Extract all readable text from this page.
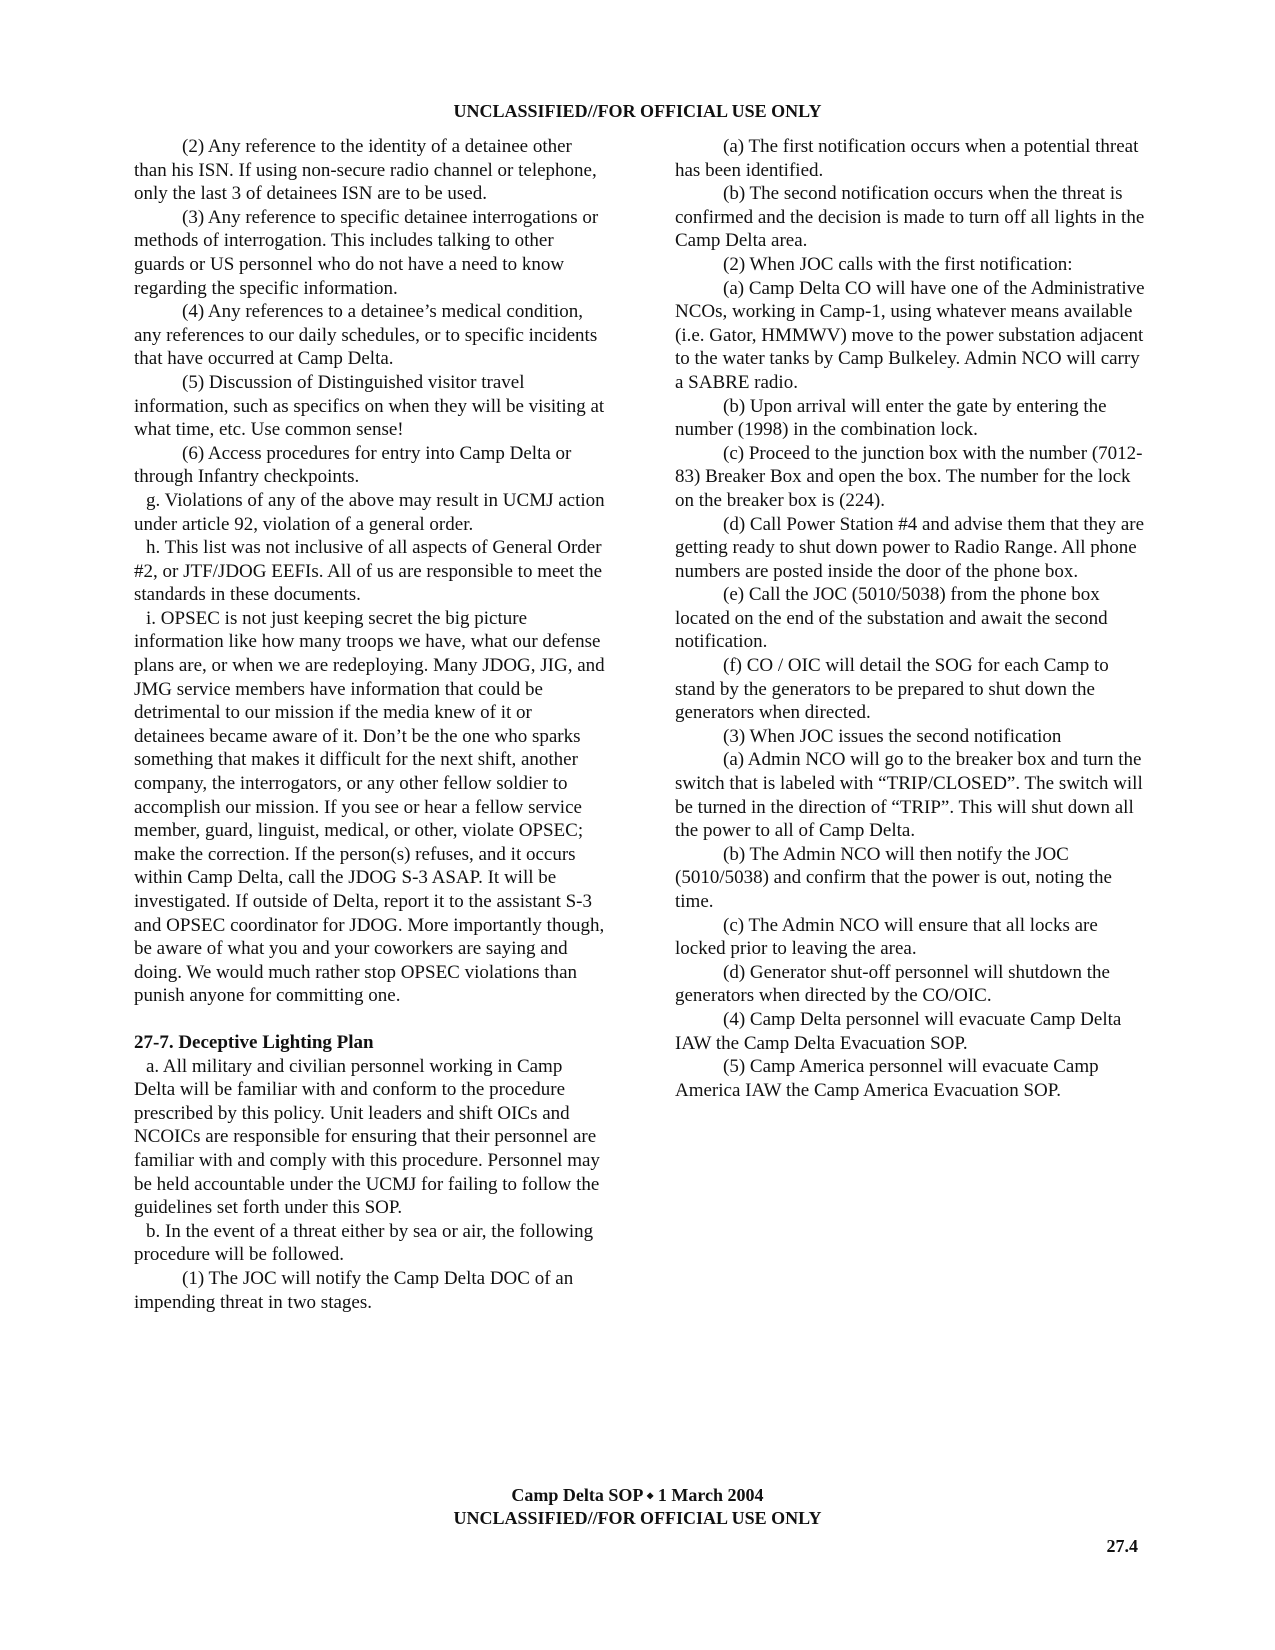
UNCLASSIFIED//FOR OFFICIAL USE ONLY

(2) Any reference to the identity of a detainee other than his ISN. If using non-secure radio channel or telephone, only the last 3 of detainees ISN are to be used.

(3) Any reference to specific detainee interrogations or methods of interrogation. This includes talking to other guards or US personnel who do not have a need to know regarding the specific information.

(4) Any references to a detainee’s medical condition, any references to our daily schedules, or to specific incidents that have occurred at Camp Delta.

(5) Discussion of Distinguished visitor travel information, such as specifics on when they will be visiting at what time, etc. Use common sense!

(6) Access procedures for entry into Camp Delta or through Infantry checkpoints.

g. Violations of any of the above may result in UCMJ action under article 92, violation of a general order.

h. This list was not inclusive of all aspects of General Order #2, or JTF/JDOG EEFIs. All of us are responsible to meet the standards in these documents.

i. OPSEC is not just keeping secret the big picture information like how many troops we have, what our defense plans are, or when we are redeploying. Many JDOG, JIG, and JMG service members have information that could be detrimental to our mission if the media knew of it or detainees became aware of it. Don’t be the one who sparks something that makes it difficult for the next shift, another company, the interrogators, or any other fellow soldier to accomplish our mission. If you see or hear a fellow service member, guard, linguist, medical, or other, violate OPSEC; make the correction. If the person(s) refuses, and it occurs within Camp Delta, call the JDOG S-3 ASAP. It will be investigated. If outside of Delta, report it to the assistant S-3 and OPSEC coordinator for JDOG. More importantly though, be aware of what you and your coworkers are saying and doing. We would much rather stop OPSEC violations than punish anyone for committing one.

27-7. Deceptive Lighting Plan

a. All military and civilian personnel working in Camp Delta will be familiar with and conform to the procedure prescribed by this policy. Unit leaders and shift OICs and NCOICs are responsible for ensuring that their personnel are familiar with and comply with this procedure. Personnel may be held accountable under the UCMJ for failing to follow the guidelines set forth under this SOP.

b. In the event of a threat either by sea or air, the following procedure will be followed.

(1) The JOC will notify the Camp Delta DOC of an impending threat in two stages.

(a) The first notification occurs when a potential threat has been identified.

(b) The second notification occurs when the threat is confirmed and the decision is made to turn off all lights in the Camp Delta area.

(2) When JOC calls with the first notification:

(a) Camp Delta CO will have one of the Administrative NCOs, working in Camp-1, using whatever means available (i.e. Gator, HMMWV) move to the power substation adjacent to the water tanks by Camp Bulkeley. Admin NCO will carry a SABRE radio.

(b) Upon arrival will enter the gate by entering the number (1998) in the combination lock.

(c) Proceed to the junction box with the number (7012-83) Breaker Box and open the box. The number for the lock on the breaker box is (224).

(d) Call Power Station #4 and advise them that they are getting ready to shut down power to Radio Range. All phone numbers are posted inside the door of the phone box.

(e) Call the JOC (5010/5038) from the phone box located on the end of the substation and await the second notification.

(f) CO / OIC will detail the SOG for each Camp to stand by the generators to be prepared to shut down the generators when directed.

(3) When JOC issues the second notification

(a) Admin NCO will go to the breaker box and turn the switch that is labeled with “TRIP/CLOSED”. The switch will be turned in the direction of “TRIP”. This will shut down all the power to all of Camp Delta.

(b) The Admin NCO will then notify the JOC (5010/5038) and confirm that the power is out, noting the time.

(c) The Admin NCO will ensure that all locks are locked prior to leaving the area.

(d) Generator shut-off personnel will shutdown the generators when directed by the CO/OIC.

(4) Camp Delta personnel will evacuate Camp Delta IAW the Camp Delta Evacuation SOP.

(5) Camp America personnel will evacuate Camp America IAW the Camp America Evacuation SOP.

Camp Delta SOP ⬩ 1 March 2004
UNCLASSIFIED//FOR OFFICIAL USE ONLY
27.4
